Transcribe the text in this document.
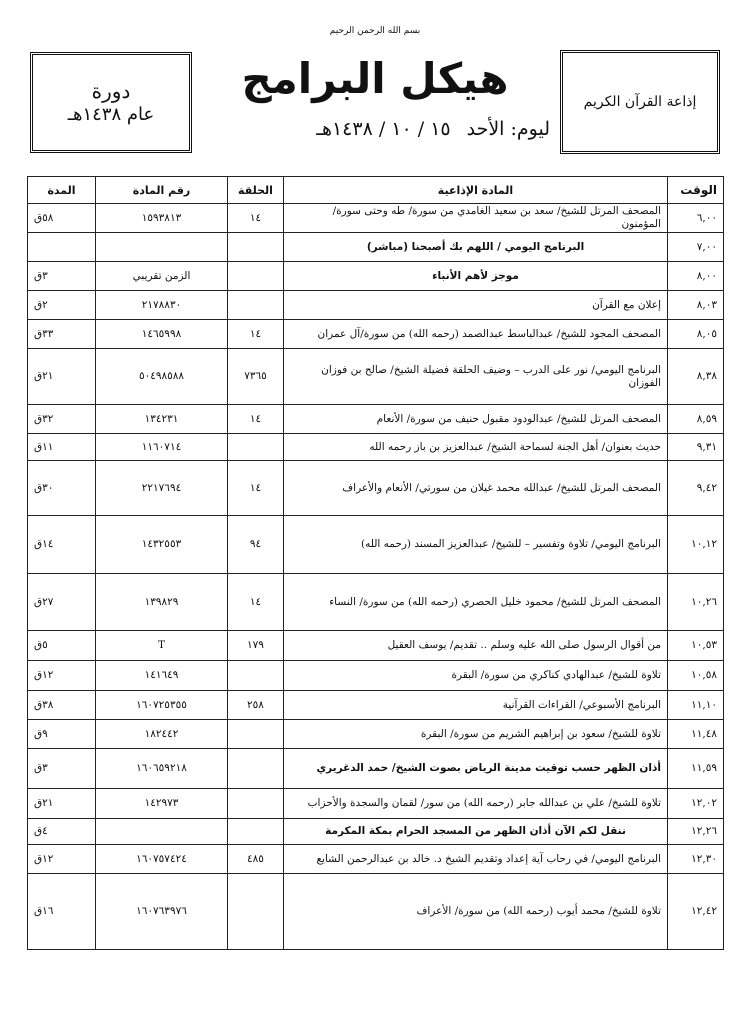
بسم الله الرحمن الرحيم
دورة
عام ١٤٣٨هـ
هيكل البرامج	إذاعة القرآن الكريم
ليوم: الأحد
١٥ / ١٠ / ١٤٣٨هـ
الوقت	المادة الإذاعية	الحلقة	رقم المادة	المدة
٦,٠٠	المصحف المرتل للشيخ/ سعد بن سعيد الغامدي من سورة/ طه وحتى سورة/ المؤمنون	١٤	١٥٩٣٨١٣	٥٨ق
٧,٠٠	البرنامج اليومي / اللهم بك أصبحنا (مباشر)			
٨,٠٠	موجز لأهم الأنباء		الزمن تقريبي	٣ق
٨,٠٣	إعلان مع القرآن		٢١٧٨٨٣٠	٢ق
٨,٠٥	المصحف المجود للشيخ/ عبدالباسط عبدالصمد (رحمه الله) من سورة/آل عمران	١٤	١٤٦٥٩٩٨	٣٣ق
٨,٣٨	البرنامج اليومي/ نور على الدرب – وضيف الحلقة فضيلة الشيخ/ صالح بن فوزان الفوزان	٧٣٦٥	٥٠٤٩٨٥٨٨	٢١ق
٨,٥٩	المصحف المرتل للشيخ/ عبدالودود مقبول حنيف من سورة/ الأنعام	١٤	١٣٤٢٣١	٣٢ق
٩,٣١	حديث بعنوان/ أهل الجنة لسماحة الشيخ/ عبدالعزيز بن باز رحمه الله		١١٦٠٧١٤	١١ق
٩,٤٢	المصحف المرتل للشيخ/ عبدالله محمد غيلان من سورتي/ الأنعام والأعراف	١٤	٢٢١٧٦٩٤	٣٠ق
١٠,١٢	البرنامج اليومي/ تلاوة وتفسير – للشيخ/ عبدالعزيز المسند (رحمه الله)	٩٤	١٤٣٢٥٥٣	١٤ق
١٠,٢٦	المصحف المرتل للشيخ/ محمود خليل الحصري (رحمه الله) من سورة/ النساء	١٤	١٣٩٨٢٩	٢٧ق
١٠,٥٣	من أقوال الرسول صلى الله عليه وسلم .. تقديم/ يوسف العقيل	١٧٩	T	٥ق
١٠,٥٨	تلاوة للشيخ/ عبدالهادي كناكري من سورة/ البقرة		١٤١٦٤٩	١٢ق
١١,١٠	البرنامج الأسبوعي/ القراءات القرآنية	٢٥٨	١٦٠٧٢٥٣٥٥	٣٨ق
١١,٤٨	تلاوة للشيخ/ سعود بن إبراهيم الشريم من سورة/ البقرة		١٨٢٤٤٢	٩ق
١١,٥٩	أذان الظهر حسب توقيت مدينة الرياض بصوت الشيخ/ حمد الدغريري		١٦٠٦٥٩٢١٨	٣ق
١٢,٠٢	تلاوة للشيخ/ علي بن عبدالله جابر (رحمه الله) من سور/ لقمان والسجدة والأحزاب		١٤٢٩٧٣	٢١ق
١٢,٢٦	ننقل لكم الآن أذان الظهر من المسجد الحرام بمكة المكرمة			٤ق
١٢,٣٠	البرنامج اليومي/ في رحاب آية إعداد وتقديم الشيخ د. خالد بن عبدالرحمن الشايع	٤٨٥	١٦٠٧٥٧٤٢٤	١٢ق
١٢,٤٢	تلاوة للشيخ/ محمد أيوب (رحمه الله) من سورة/ الأعراف		١٦٠٧٦٣٩٧٦	١٦ق
